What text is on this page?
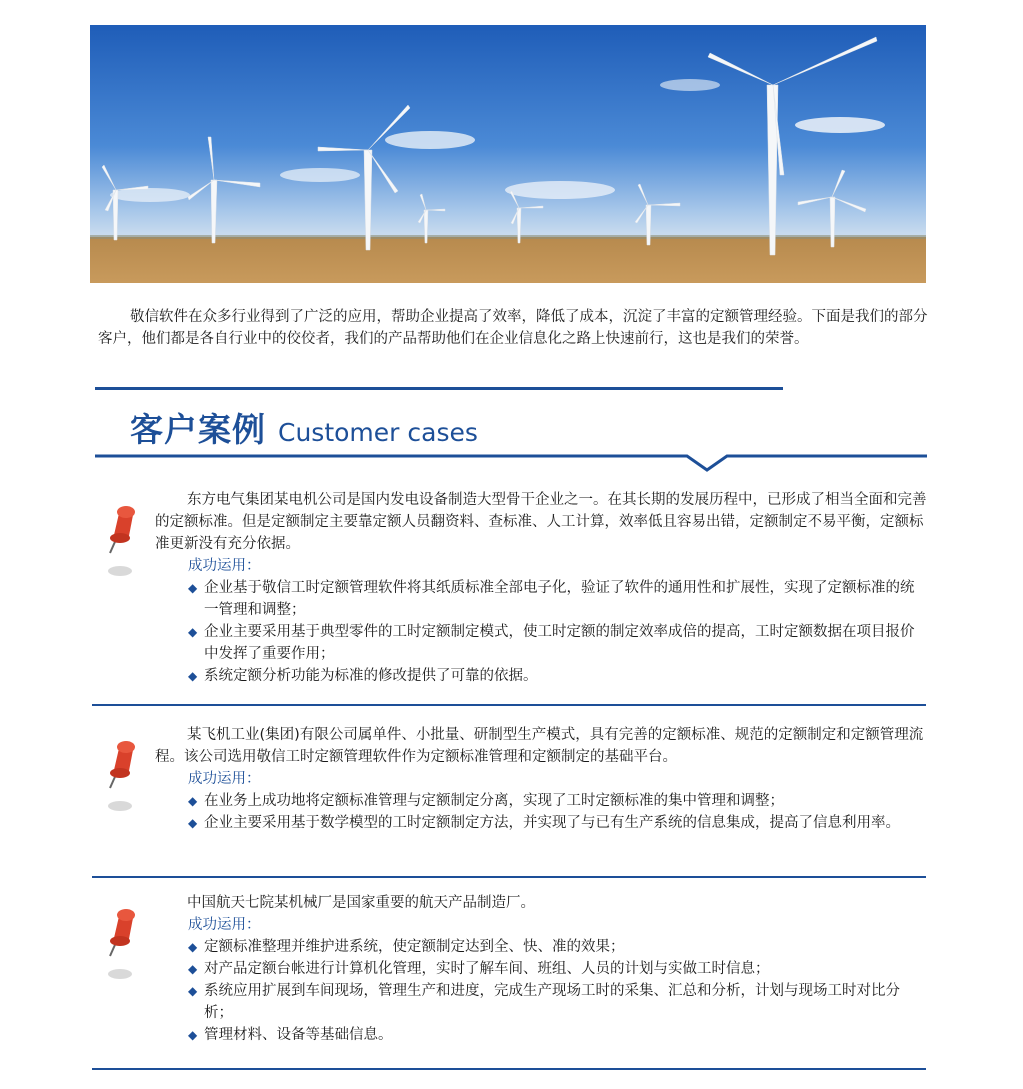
敬信软件在众多行业得到了广泛的应用，帮助企业提高了效率，降低了成本，沉淀了丰富的定额管理经验。下面是我们的部分客户，他们都是各自行业中的佼佼者，我们的产品帮助他们在企业信息化之路上快速前行，这也是我们的荣誉。

客户案例 Customer cases
东方电气集团某电机公司是国内发电设备制造大型骨干企业之一。在其长期的发展历程中，已形成了相当全面和完善的定额标准。但是定额制定主要靠定额人员翻资料、查标准、人工计算，效率低且容易出错，定额制定不易平衡，定额标准更新没有充分依据。
成功运用：
◆ 企业基于敬信工时定额管理软件将其纸质标准全部电子化，验证了软件的通用性和扩展性，实现了定额标准的统一管理和调整；
◆ 企业主要采用基于典型零件的工时定额制定模式，使工时定额的制定效率成倍的提高，工时定额数据在项目报价中发挥了重要作用；
◆ 系统定额分析功能为标准的修改提供了可靠的依据。
某飞机工业(集团)有限公司属单件、小批量、研制型生产模式，具有完善的定额标准、规范的定额制定和定额管理流程。该公司选用敬信工时定额管理软件作为定额标准管理和定额制定的基础平台。
成功运用：
◆ 在业务上成功地将定额标准管理与定额制定分离，实现了工时定额标准的集中管理和调整；
◆ 企业主要采用基于数学模型的工时定额制定方法，并实现了与已有生产系统的信息集成，提高了信息利用率。
中国航天七院某机械厂是国家重要的航天产品制造厂。
成功运用：
◆ 定额标准整理并维护进系统，使定额制定达到全、快、准的效果；
◆ 对产品定额台帐进行计算机化管理，实时了解车间、班组、人员的计划与实做工时信息；
◆ 系统应用扩展到车间现场，管理生产和进度，完成生产现场工时的采集、汇总和分析，计划与现场工时对比分析；
◆ 管理材料、设备等基础信息。
